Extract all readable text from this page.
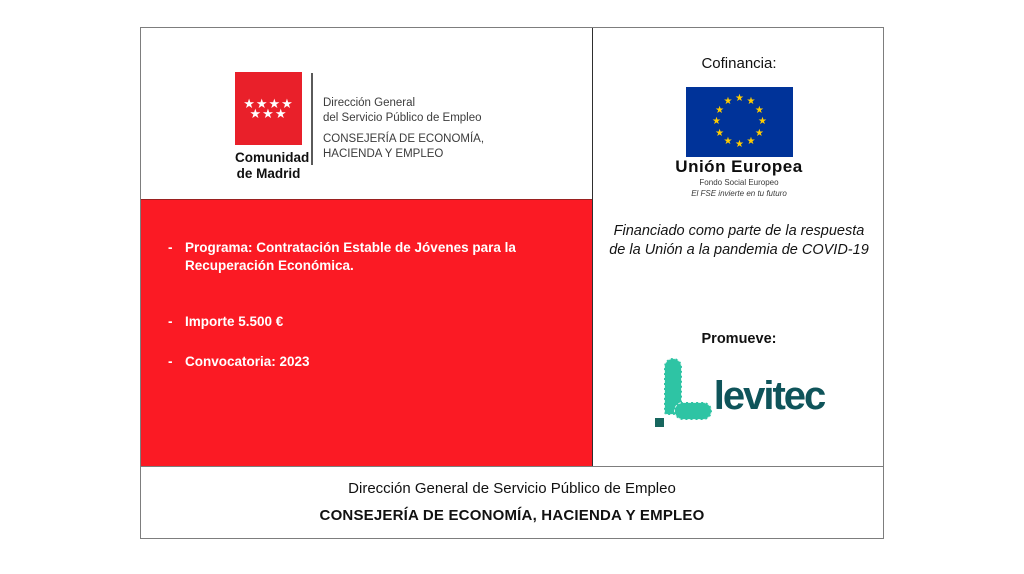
★ ★ ★ ★
★ ★ ★
Comunidad
de Madrid
Dirección General
del Servicio Público de Empleo
CONSEJERÍA DE ECONOMÍA,
HACIENDA Y EMPLEO
- Programa: Contratación Estable de Jóvenes para la Recuperación Económica.
- Importe 5.500 €
- Convocatoria: 2023
Cofinancia:
★ ★
★
★
★
★
★
★
★
★
★
★
Unión Europea
Fondo Social Europeo
El FSE invierte en tu futuro
Financiado como parte de la respuesta
de la Unión a la pandemia de COVID-19
Promueve:
levitec
Dirección General de Servicio Público de Empleo
CONSEJERÍA DE ECONOMÍA, HACIENDA Y EMPLEO
